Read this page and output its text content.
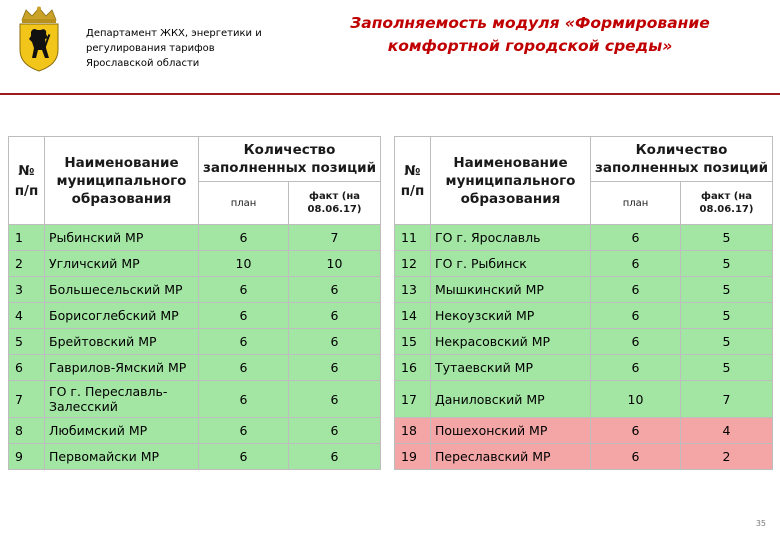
Департамент ЖКХ, энергетики и регулирования тарифов Ярославской области
Заполняемость модуля «Формирование комфортной городской среды»
№ п/п	Наименование муниципального образования	Количество заполненных позиций	
		план	факт (на 08.06.17)
1	Рыбинский МР	6	7
2	Угличский МР	10	10
3	Большесельский МР	6	6
4	Борисоглебский МР	6	6
5	Брейтовский МР	6	6
6	Гаврилов-Ямский МР	6	6
7	ГО г. Переславль-Залесский	6	6
8	Любимский МР	6	6
9	Первомайски МР	6	6
№ п/п	Наименование муниципального образования	Количество заполненных позиций	
		план	факт (на 08.06.17)
11	ГО г. Ярославль	6	5
12	ГО г. Рыбинск	6	5
13	Мышкинский МР	6	5
14	Некоузский МР	6	5
15	Некрасовский МР	6	5
16	Тутаевский МР	6	5
17	Даниловский МР	10	7
18	Пошехонский МР	6	4
19	Переславский МР	6	2
35
